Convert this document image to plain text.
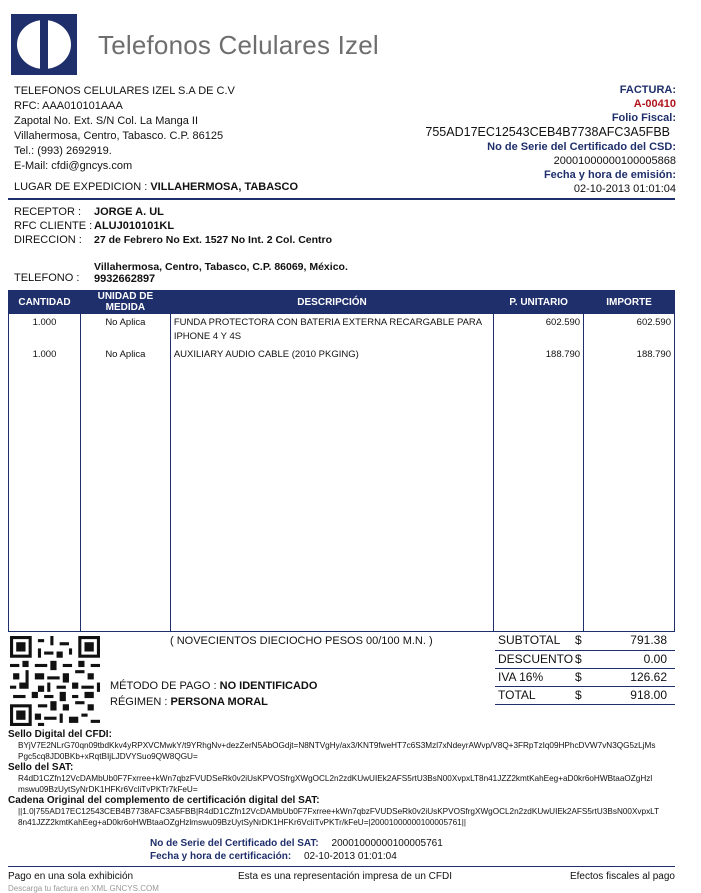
Telefonos Celulares Izel
TELEFONOS CELULARES IZEL S.A DE C.V
RFC: AAA010101AAA
Zapotal No. Ext. S/N Col. La Manga II
Villahermosa, Centro, Tabasco. C.P. 86125
Tel.: (993) 2692919.
E-Mail: cfdi@gncys.com
LUGAR DE EXPEDICION : VILLAHERMOSA, TABASCO
FACTURA:
A-00410
Folio Fiscal:
755AD17EC12543CEB4B7738AFC3A5FBB
No de Serie del Certificado del CSD:
20001000000100005868
Fecha y hora de emisión:
02-10-2013 01:01:04
RECEPTOR : JORGE A. UL
RFC CLIENTE : ALUJ010101KL
DIRECCION : 27 de Febrero No Ext. 1527 No Int. 2 Col. Centro
Villahermosa, Centro, Tabasco, C.P. 86069, México.
TELEFONO : 9932662897
CANTIDAD	UNIDAD DE MEDIDA	DESCRIPCIÓN	P. UNITARIO	IMPORTE
1.000	No Aplica	FUNDA PROTECTORA CON BATERIA EXTERNA RECARGABLE PARA IPHONE 4 Y 4S	602.590	602.590
1.000	No Aplica	AUXILIARY AUDIO CABLE (2010 PKGING)	188.790	188.790

( NOVECIENTOS DIECIOCHO PESOS 00/100 M.N. )
MÉTODO DE PAGO : NO IDENTIFICADO
RÉGIMEN : PERSONA MORAL
SUBTOTAL $	791.38
DESCUENTO $	0.00
IVA 16%	$	126.62
TOTAL	$	918.00
Sello Digital del CFDI:
BYjV7E2NLrG70qn09tbdKkv4yRPXVCMwkY/t9YRhgNv+dezZerN5AbOGdjt=N8NTVgHy/ax3/KNT9fweHT7c6S3Mzl7xNdeyrAWvp/V8Q+3FRpTzIq09HPhcDVW7vN3QG5zLjMs
Pgc5cq8JD0BKb+xRqtBIjLJDVYSuo9QW8QGU=
Sello del SAT:
R4dD1CZfn12VcDAMbUb0F7Fxrree+kWn7qbzFVUDSeRk0v2iUsKPVOSfrgXWgOCL2n2zdKUwUIEk2AFS5rtU3BsN00XvpxLT8n41JZZ2kmtKahEeg+aD0kr6oHWBtaaOZgHzl
mswu09BzUytSyNrDK1HFKr6VcliTvPKTr7kFeU=
Cadena Original del complemento de certificación digital del SAT:
||1.0|755AD17EC12543CEB4B7738AFC3A5FBB|R4dD1CZfn12VcDAMbUb0F7Fxrree+kWn7qbzFVUDSeRk0v2iUsKPVOSfrgXWgOCL2n2zdKUwUIEk2AFS5rtU3BsN00XvpxLT
8n41JZZ2kmtKahEeg+aD0kr6oHWBtaaOZgHzlmswu09BzUytSyNrDK1HFKr6VcliTvPKTr/kFeU=|20001000000100005761||
No de Serie del Certificado del SAT: 20001000000100005761
Fecha y hora de certificación: 02-10-2013 01:01:04
Pago en una sola exhibición	Esta es una representación impresa de un CFDI	Efectos fiscales al pago
Descarga tu factura en XML GNCYS.COM
